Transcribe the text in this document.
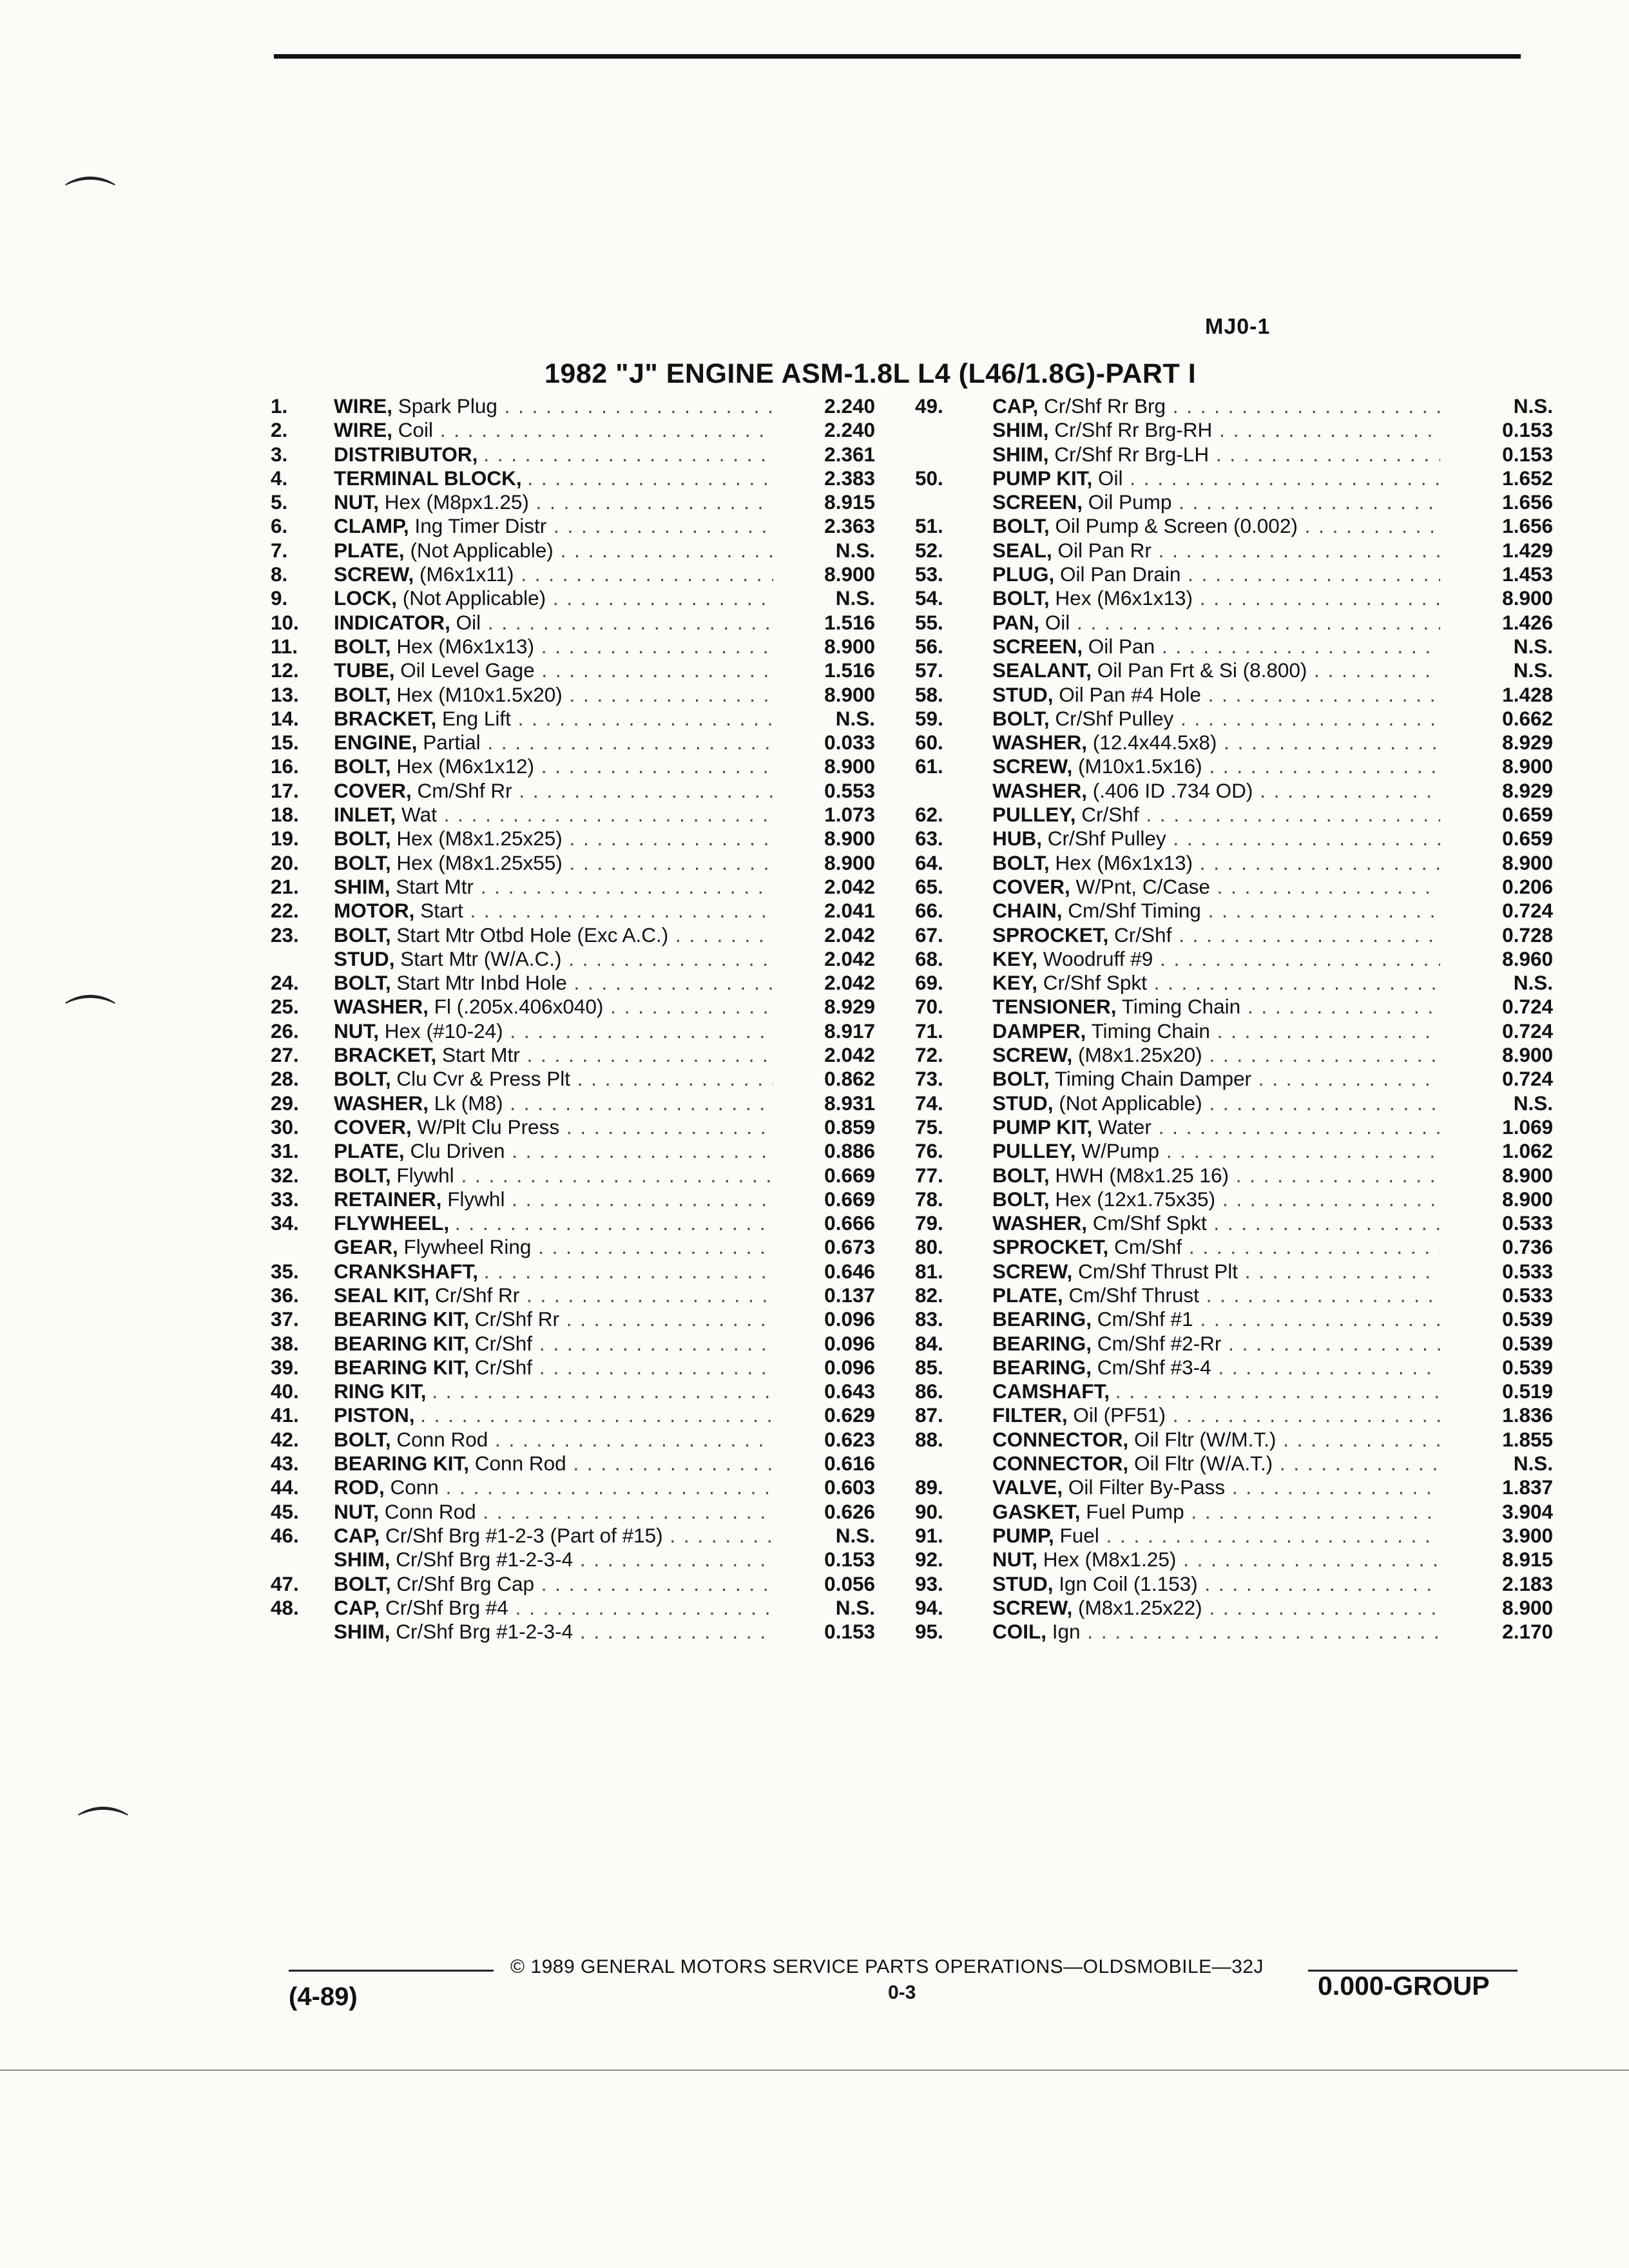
⌒
⌒
⌒
MJ0-1
1982 "J" ENGINE ASM-1.8L L4 (L46/1.8G)-PART I
1.	WIRE, Spark Plug . . .	2.240
2.	WIRE, Coil . . .	2.240
3.	DISTRIBUTOR, . . .	2.361
4.	TERMINAL BLOCK, . . .	2.383
5.	NUT, Hex (M8px1.25) . . .	8.915
6.	CLAMP, Ing Timer Distr . . .	2.363
7.	PLATE, (Not Applicable) . . .	N.S.
8.	SCREW, (M6x1x11) . . .	8.900
9.	LOCK, (Not Applicable) . . .	N.S.
10.	INDICATOR, Oil . . .	1.516
11.	BOLT, Hex (M6x1x13) . . .	8.900
12.	TUBE, Oil Level Gage . . .	1.516
13.	BOLT, Hex (M10x1.5x20) . . .	8.900
14.	BRACKET, Eng Lift . . .	N.S.
15.	ENGINE, Partial . . .	0.033
16.	BOLT, Hex (M6x1x12) . . .	8.900
17.	COVER, Cm/Shf Rr . . .	0.553
18.	INLET, Wat . . .	1.073
19.	BOLT, Hex (M8x1.25x25) . . .	8.900
20.	BOLT, Hex (M8x1.25x55) . . .	8.900
21.	SHIM, Start Mtr . . .	2.042
22.	MOTOR, Start . . .	2.041
23.	BOLT, Start Mtr Otbd Hole (Exc A.C.) . . .	2.042
STUD, Start Mtr (W/A.C.) . . .	2.042
24.	BOLT, Start Mtr Inbd Hole . . .	2.042
25.	WASHER, Fl (.205x.406x040) . . .	8.929
26.	NUT, Hex (#10-24) . . .	8.917
27.	BRACKET, Start Mtr . . .	2.042
28.	BOLT, Clu Cvr & Press Plt . . .	0.862
29.	WASHER, Lk (M8) . . .	8.931
30.	COVER, W/Plt Clu Press . . .	0.859
31.	PLATE, Clu Driven . . .	0.886
32.	BOLT, Flywhl . . .	0.669
33.	RETAINER, Flywhl . . .	0.669
34.	FLYWHEEL, . . .	0.666
GEAR, Flywheel Ring . . .	0.673
35.	CRANKSHAFT, . . .	0.646
36.	SEAL KIT, Cr/Shf Rr . . .	0.137
37.	BEARING KIT, Cr/Shf Rr . . .	0.096
38.	BEARING KIT, Cr/Shf . . .	0.096
39.	BEARING KIT, Cr/Shf . . .	0.096
40.	RING KIT, . . .	0.643
41.	PISTON, . . .	0.629
42.	BOLT, Conn Rod . . .	0.623
43.	BEARING KIT, Conn Rod . . .	0.616
44.	ROD, Conn . . .	0.603
45.	NUT, Conn Rod . . .	0.626
46.	CAP, Cr/Shf Brg #1-2-3 (Part of #15) . . .	N.S.
SHIM, Cr/Shf Brg #1-2-3-4 . . .	0.153
47.	BOLT, Cr/Shf Brg Cap . . .	0.056
48.	CAP, Cr/Shf Brg #4 . . .	N.S.
SHIM, Cr/Shf Brg #1-2-3-4 . . .	0.153
49.	CAP, Cr/Shf Rr Brg . . .	N.S.
SHIM, Cr/Shf Rr Brg-RH . . .	0.153
SHIM, Cr/Shf Rr Brg-LH . . .	0.153
50.	PUMP KIT, Oil . . .	1.652
SCREEN, Oil Pump . . .	1.656
51.	BOLT, Oil Pump & Screen (0.002) . . .	1.656
52.	SEAL, Oil Pan Rr . . .	1.429
53.	PLUG, Oil Pan Drain . . .	1.453
54.	BOLT, Hex (M6x1x13) . . .	8.900
55.	PAN, Oil . . .	1.426
56.	SCREEN, Oil Pan . . .	N.S.
57.	SEALANT, Oil Pan Frt & Si (8.800) . . .	N.S.
58.	STUD, Oil Pan #4 Hole . . .	1.428
59.	BOLT, Cr/Shf Pulley . . .	0.662
60.	WASHER, (12.4x44.5x8) . . .	8.929
61.	SCREW, (M10x1.5x16) . . .	8.900
WASHER, (.406 ID .734 OD) . . .	8.929
62.	PULLEY, Cr/Shf . . .	0.659
63.	HUB, Cr/Shf Pulley . . .	0.659
64.	BOLT, Hex (M6x1x13) . . .	8.900
65.	COVER, W/Pnt, C/Case . . .	0.206
66.	CHAIN, Cm/Shf Timing . . .	0.724
67.	SPROCKET, Cr/Shf . . .	0.728
68.	KEY, Woodruff #9 . . .	8.960
69.	KEY, Cr/Shf Spkt . . .	N.S.
70.	TENSIONER, Timing Chain . . .	0.724
71.	DAMPER, Timing Chain . . .	0.724
72.	SCREW, (M8x1.25x20) . . .	8.900
73.	BOLT, Timing Chain Damper . . .	0.724
74.	STUD, (Not Applicable) . . .	N.S.
75.	PUMP KIT, Water . . .	1.069
76.	PULLEY, W/Pump . . .	1.062
77.	BOLT, HWH (M8x1.25 16) . . .	8.900
78.	BOLT, Hex (12x1.75x35) . . .	8.900
79.	WASHER, Cm/Shf Spkt . . .	0.533
80.	SPROCKET, Cm/Shf . . .	0.736
81.	SCREW, Cm/Shf Thrust Plt . . .	0.533
82.	PLATE, Cm/Shf Thrust . . .	0.533
83.	BEARING, Cm/Shf #1 . . .	0.539
84.	BEARING, Cm/Shf #2-Rr . . .	0.539
85.	BEARING, Cm/Shf #3-4 . . .	0.539
86.	CAMSHAFT, . . .	0.519
87.	FILTER, Oil (PF51) . . .	1.836
88.	CONNECTOR, Oil Fltr (W/M.T.) . . .	1.855
CONNECTOR, Oil Fltr (W/A.T.) . . .	N.S.
89.	VALVE, Oil Filter By-Pass . . .	1.837
90.	GASKET, Fuel Pump . . .	3.904
91.	PUMP, Fuel . . .	3.900
92.	NUT, Hex (M8x1.25) . . .	8.915
93.	STUD, Ign Coil (1.153) . . .	2.183
94.	SCREW, (M8x1.25x22) . . .	8.900
95.	COIL, Ign . . .	2.170
© 1989 GENERAL MOTORS SERVICE PARTS OPERATIONS—OLDSMOBILE—32J
0-3
(4-89)	0.000-GROUP
